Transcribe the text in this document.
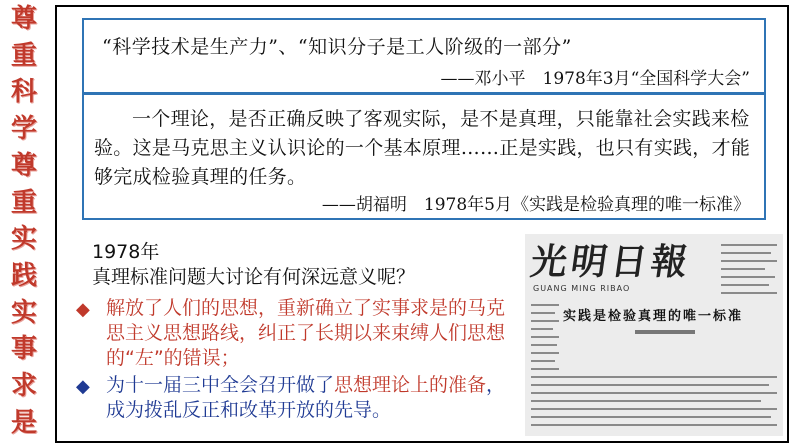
尊
重
科
学
尊
重
实
践
实
事
求
是
“科学技术是生产力”、“知识分子是工人阶级的一部分”
——邓小平　1978年3月“全国科学大会”
一个理论，是否正确反映了客观实际，是不是真理，只能靠社会实践来检验。这是马克思主义认识论的一个基本原理……正是实践，也只有实践，才能够完成检验真理的任务。
——胡福明　1978年5月《实践是检验真理的唯一标准》
1978年
真理标准问题大讨论有何深远意义呢？
◆ 解放了人们的思想，重新确立了实事求是的马克思主义思想路线，纠正了长期以来束缚人们思想的“左”的错误；
◆ 为十一届三中全会召开做了思想理论上的准备，成为拨乱反正和改革开放的先导。
光明日報
GUANG MING RIBAO
实践是检验真理的唯一标准
